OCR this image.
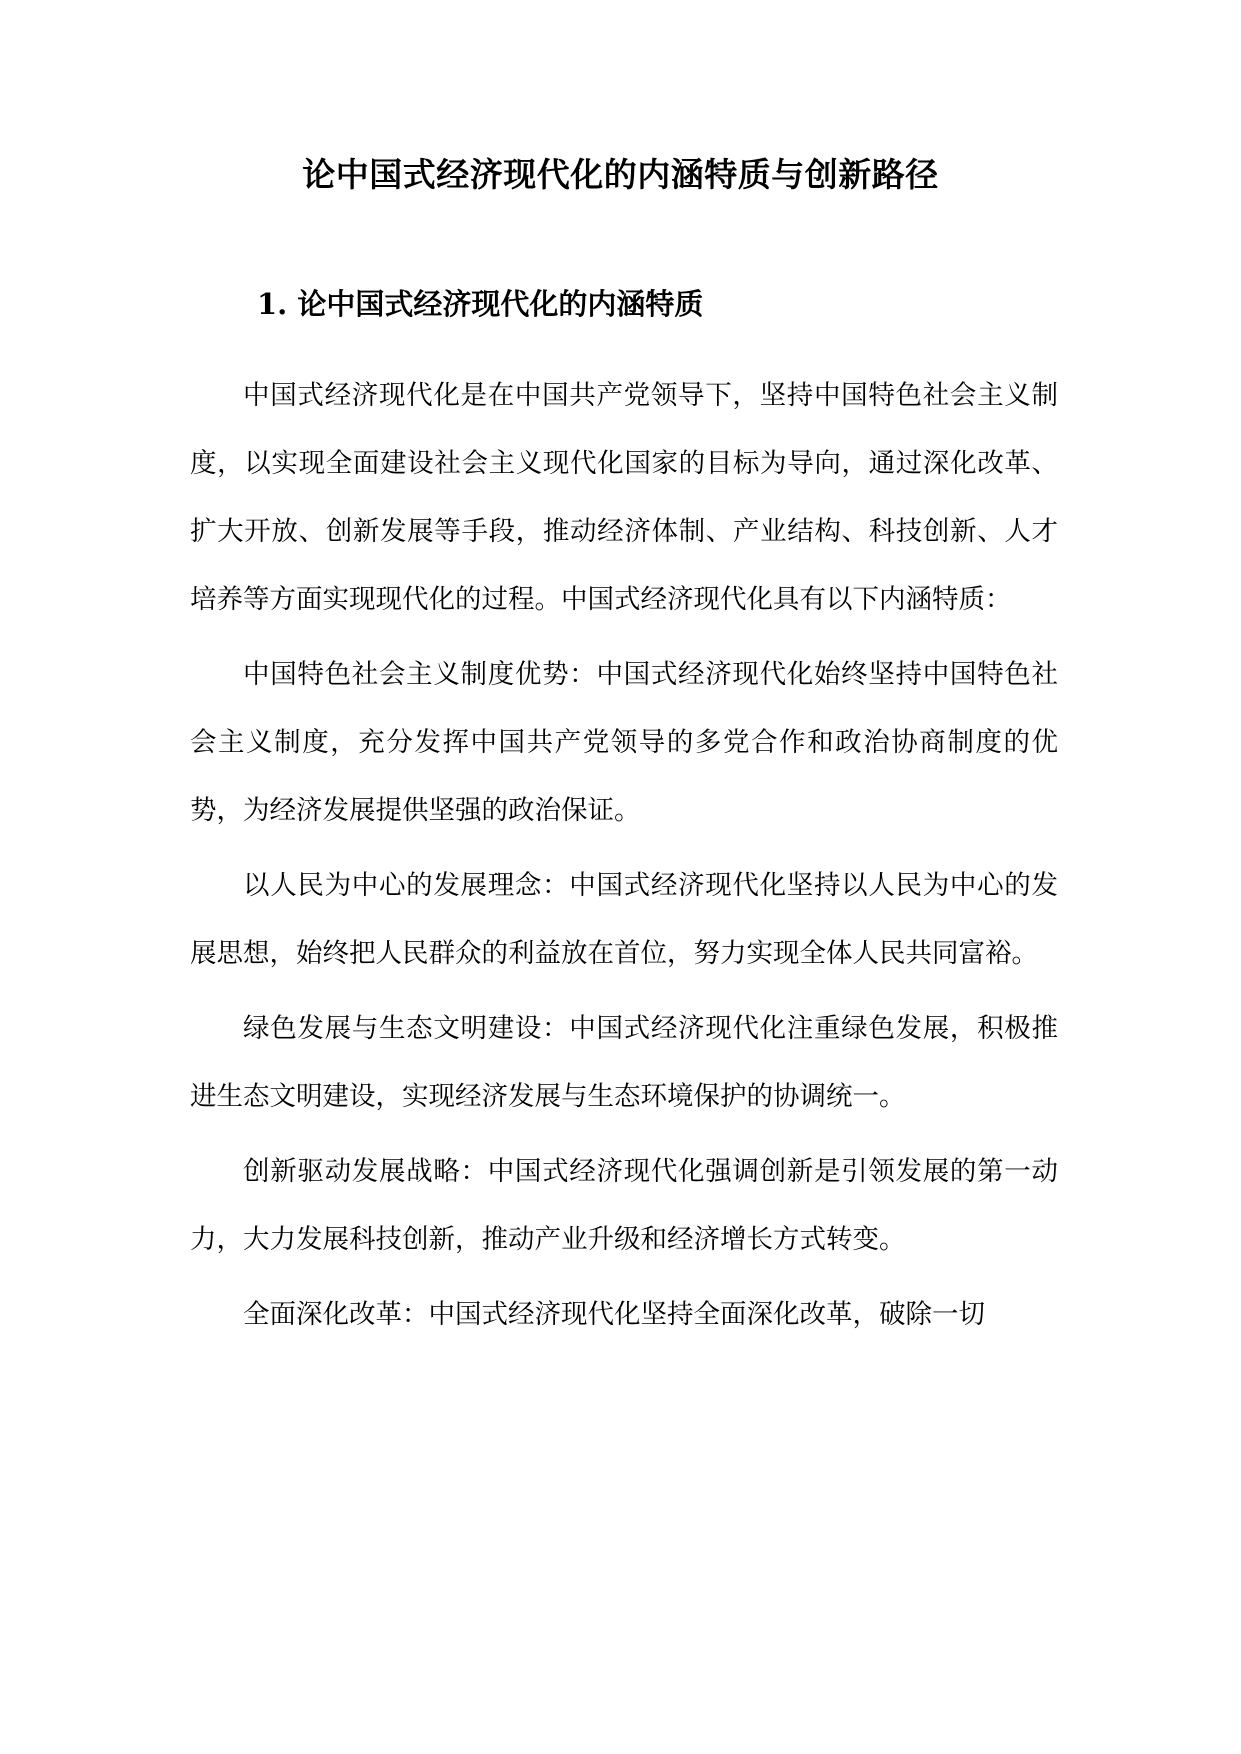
论中国式经济现代化的内涵特质与创新路径
1. 论中国式经济现代化的内涵特质

中国式经济现代化是在中国共产党领导下，坚持中国特色社会主义制度，以实现全面建设社会主义现代化国家的目标为导向，通过深化改革、扩大开放、创新发展等手段，推动经济体制、产业结构、科技创新、人才培养等方面实现现代化的过程。中国式经济现代化具有以下内涵特质：

中国特色社会主义制度优势：中国式经济现代化始终坚持中国特色社会主义制度，充分发挥中国共产党领导的多党合作和政治协商制度的优势，为经济发展提供坚强的政治保证。

以人民为中心的发展理念：中国式经济现代化坚持以人民为中心的发展思想，始终把人民群众的利益放在首位，努力实现全体人民共同富裕。

绿色发展与生态文明建设：中国式经济现代化注重绿色发展，积极推进生态文明建设，实现经济发展与生态环境保护的协调统一。

创新驱动发展战略：中国式经济现代化强调创新是引领发展的第一动力，大力发展科技创新，推动产业升级和经济增长方式转变。

全面深化改革：中国式经济现代化坚持全面深化改革，破除一切
